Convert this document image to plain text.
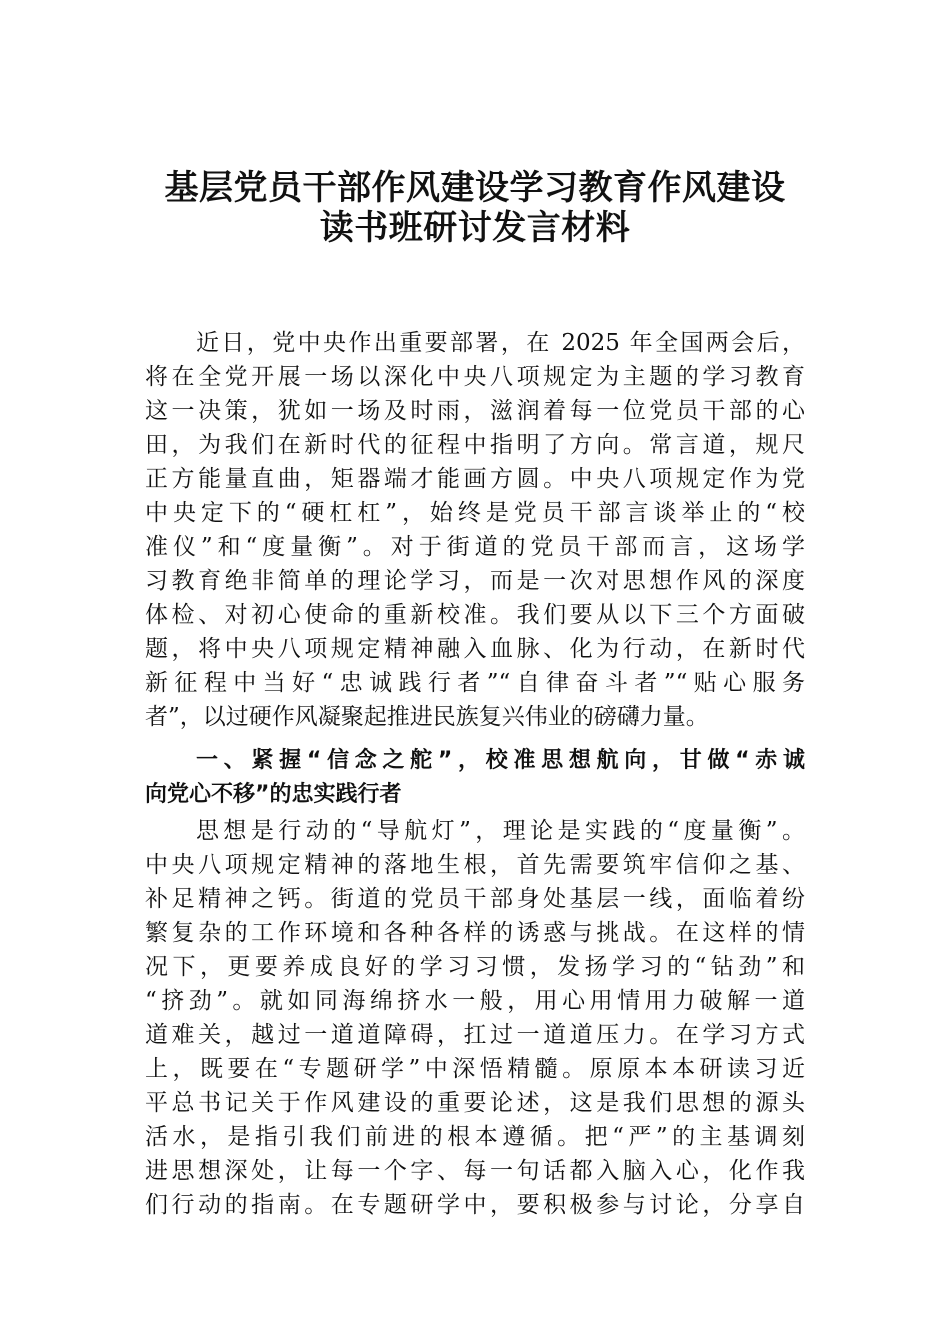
基层党员干部作风建设学习教育作风建设
读书班研讨发言材料
近日，党中央作出重要部署，在 2025 年全国两会后，
将在全党开展一场以深化中央八项规定为主题的学习教育
这一决策，犹如一场及时雨，滋润着每一位党员干部的心
田，为我们在新时代的征程中指明了方向。常言道，规尺
正方能量直曲，矩器端才能画方圆。中央八项规定作为党
中央定下的“硬杠杠”，始终是党员干部言谈举止的“校
准仪”和“度量衡”。对于街道的党员干部而言，这场学
习教育绝非简单的理论学习，而是一次对思想作风的深度
体检、对初心使命的重新校准。我们要从以下三个方面破
题，将中央八项规定精神融入血脉、化为行动，在新时代
新征程中当好“忠诚践行者”“自律奋斗者”“贴心服务
者”，以过硬作风凝聚起推进民族复兴伟业的磅礴力量。
一、紧握“信念之舵”，校准思想航向，甘做“赤诚
向党心不移”的忠实践行者
思想是行动的“导航灯”，理论是实践的“度量衡”。
中央八项规定精神的落地生根，首先需要筑牢信仰之基、
补足精神之钙。街道的党员干部身处基层一线，面临着纷
繁复杂的工作环境和各种各样的诱惑与挑战。在这样的情
况下，更要养成良好的学习习惯，发扬学习的“钻劲”和
“挤劲”。就如同海绵挤水一般，用心用情用力破解一道
道难关，越过一道道障碍，扛过一道道压力。在学习方式
上，既要在“专题研学”中深悟精髓。原原本本研读习近
平总书记关于作风建设的重要论述，这是我们思想的源头
活水，是指引我们前进的根本遵循。把“严”的主基调刻
进思想深处，让每一个字、每一句话都入脑入心，化作我
们行动的指南。在专题研学中，要积极参与讨论，分享自
